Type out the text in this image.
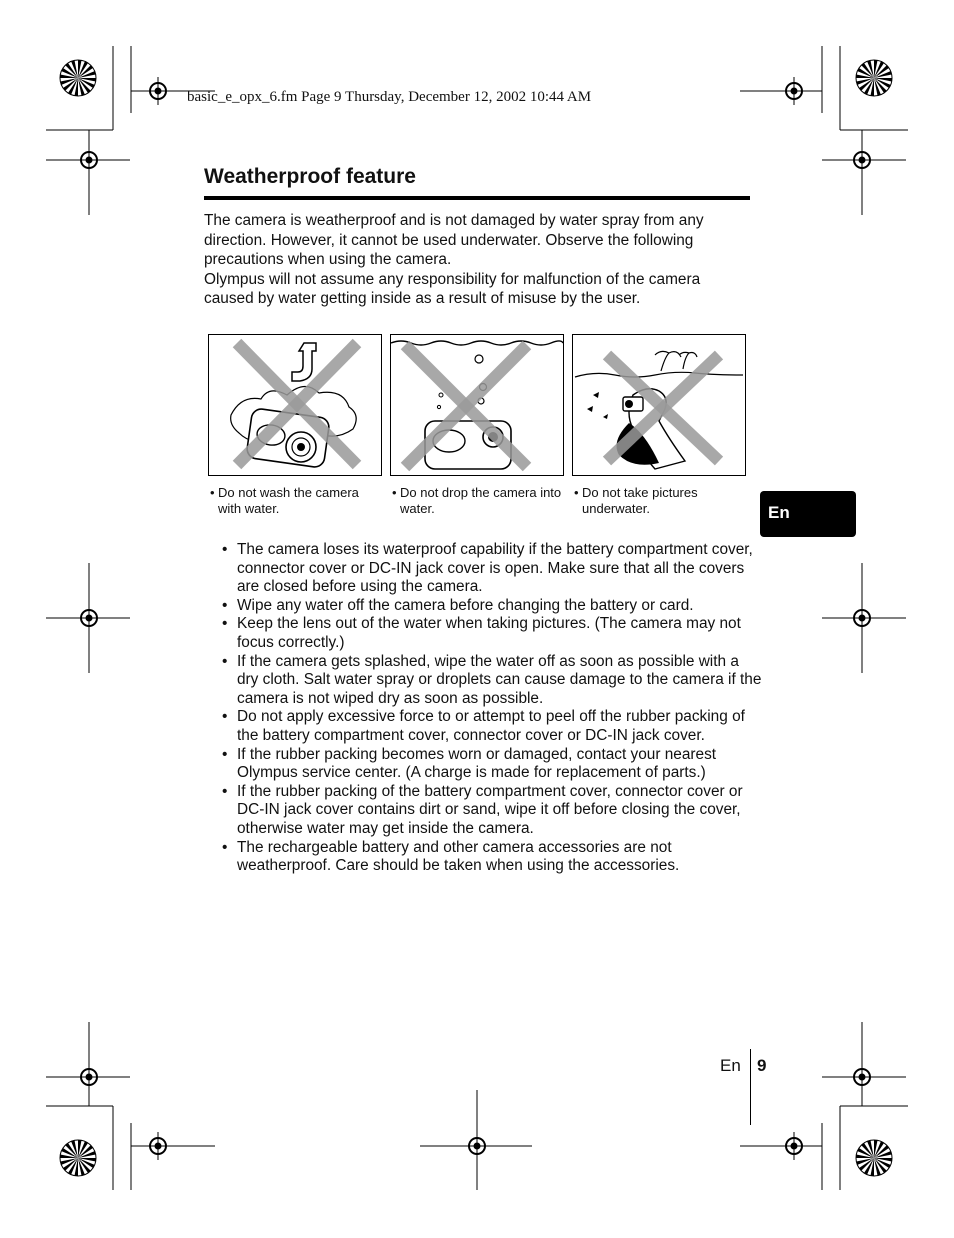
basic_e_opx_6.fm Page 9 Thursday, December 12, 2002 10:44 AM
Weatherproof feature

The camera is weatherproof and is not damaged by water spray from any direction. However, it cannot be used underwater. Observe the following precautions when using the camera.

Olympus will not assume any responsibility for malfunction of the camera caused by water getting inside as a result of misuse by the user.

• Do not wash the camera with water.
• Do not drop the camera into water.
• Do not take pictures underwater.	En
• The camera loses its waterproof capability if the battery compartment cover, connector cover or DC-IN jack cover is open. Make sure that all the covers are closed before using the camera.
• Wipe any water off the camera before changing the battery or card.
• Keep the lens out of the water when taking pictures. (The camera may not focus correctly.)
• If the camera gets splashed, wipe the water off as soon as possible with a dry cloth. Salt water spray or droplets can cause damage to the camera if the camera is not wiped dry as soon as possible.
• Do not apply excessive force to or attempt to peel off the rubber packing of the battery compartment cover, connector cover or DC-IN jack cover.
• If the rubber packing becomes worn or damaged, contact your nearest Olympus service center. (A charge is made for replacement of parts.)
• If the rubber packing of the battery compartment cover, connector cover or DC-IN jack cover contains dirt or sand, wipe it off before closing the cover, otherwise water may get inside the camera.
• The rechargeable battery and other camera accessories are not weatherproof. Care should be taken when using the accessories.
En 9
